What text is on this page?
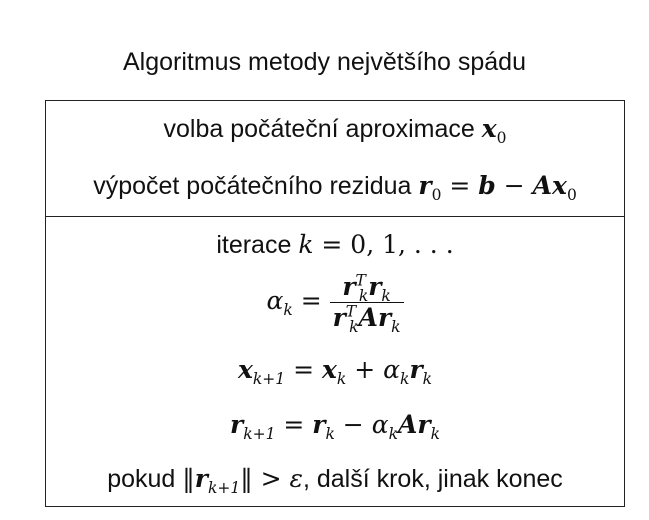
Algoritmus metody největšího spádu
volba počáteční aproximace $x_0$
výpočet počátečního rezidua $r_0 = b - Ax_0$
iterace k = 0, 1, . . .
$\alpha_k = \frac{r^T_kr_k}{r^T_kAr_k}$
$x_{k+1} = x_k + \alpha_kr_k$
$r_{k+1} = r_k - \alpha_kAr_k$
pokud $‖r_{k+1}‖ > \varepsilon$, další krok, jinak konec
